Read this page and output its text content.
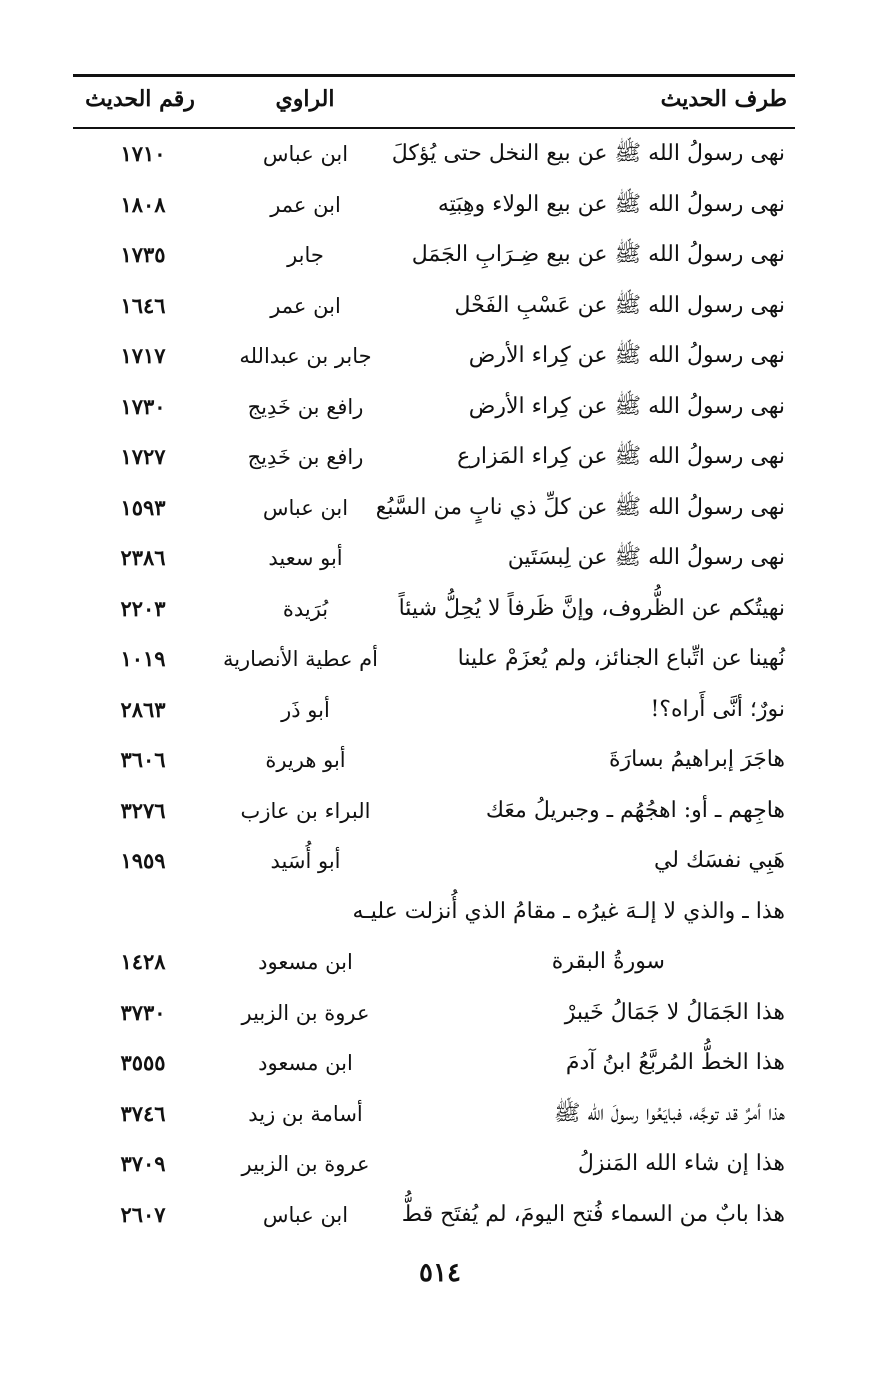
طرف الحديث
الراوي
رقم الحديث
نهى رسولُ الله ﷺ عن بيع النخل حتى يُؤكلَ
ابن عباس
١٧١٠
نهى رسولُ الله ﷺ عن بيع الولاء وهِبَتِه
ابن عمر
١٨٠٨
نهى رسولُ الله ﷺ عن بيع ضِـرَابِ الجَمَل
جابر
١٧٣٥
نهى رسول الله ﷺ عن عَسْبِ الفَحْل
ابن عمر
١٦٤٦
نهى رسولُ الله ﷺ عن كِراء الأرض
جابر بن عبدالله
١٧١٧
نهى رسولُ الله ﷺ عن كِراء الأرض
رافع بن خَدِيج
١٧٣٠
نهى رسولُ الله ﷺ عن كِراء المَزارع
رافع بن خَدِيج
١٧٢٧
نهى رسولُ الله ﷺ عن كلِّ ذي نابٍ من السَّبُع
ابن عباس
١٥٩٣
نهى رسولُ الله ﷺ عن لِبسَتَين
أبو سعيد
٢٣٨٦
نهيتُكم عن الظُّروف، وإنَّ ظَرفاً لا يُحِلُّ شيئاً
بُرَيدة
٢٢٠٣
نُهينا عن اتِّباع الجنائز، ولم يُعزَمْ علينا
أم عطية الأنصارية
١٠١٩
نورٌ؛ أنَّى أَراه؟!
أبو ذَر
٢٨٦٣
هاجَرَ إبراهيمُ بسارَةَ
أبو هريرة
٣٦٠٦
هاجِهم ـ أو: اهجُهُم ـ وجبريلُ معَك
البراء بن عازب
٣٢٧٦
هَبِي نفسَك لي
أبو أُسَيد
١٩٥٩
هذا ـ والذي لا إلـهَ غيرُه ـ مقامُ الذي أُنزلت عليـه
سورةُ البقرة
ابن مسعود
١٤٢٨
هذا الجَمَالُ لا جَمَالُ خَيبرْ
عروة بن الزبير
٣٧٣٠
هذا الخطُّ المُربَّعُ ابنُ آدمَ
ابن مسعود
٣٥٥٥
هذا أمرٌ قد توجَّه، فبايَعُوا رسولَ الله ﷺ
أسامة بن زيد
٣٧٤٦
هذا إن شاء الله المَنزلُ
عروة بن الزبير
٣٧٠٩
هذا بابٌ من السماء فُتح اليومَ، لم يُفتَح قطُّ
ابن عباس
٢٦٠٧
٥١٤
